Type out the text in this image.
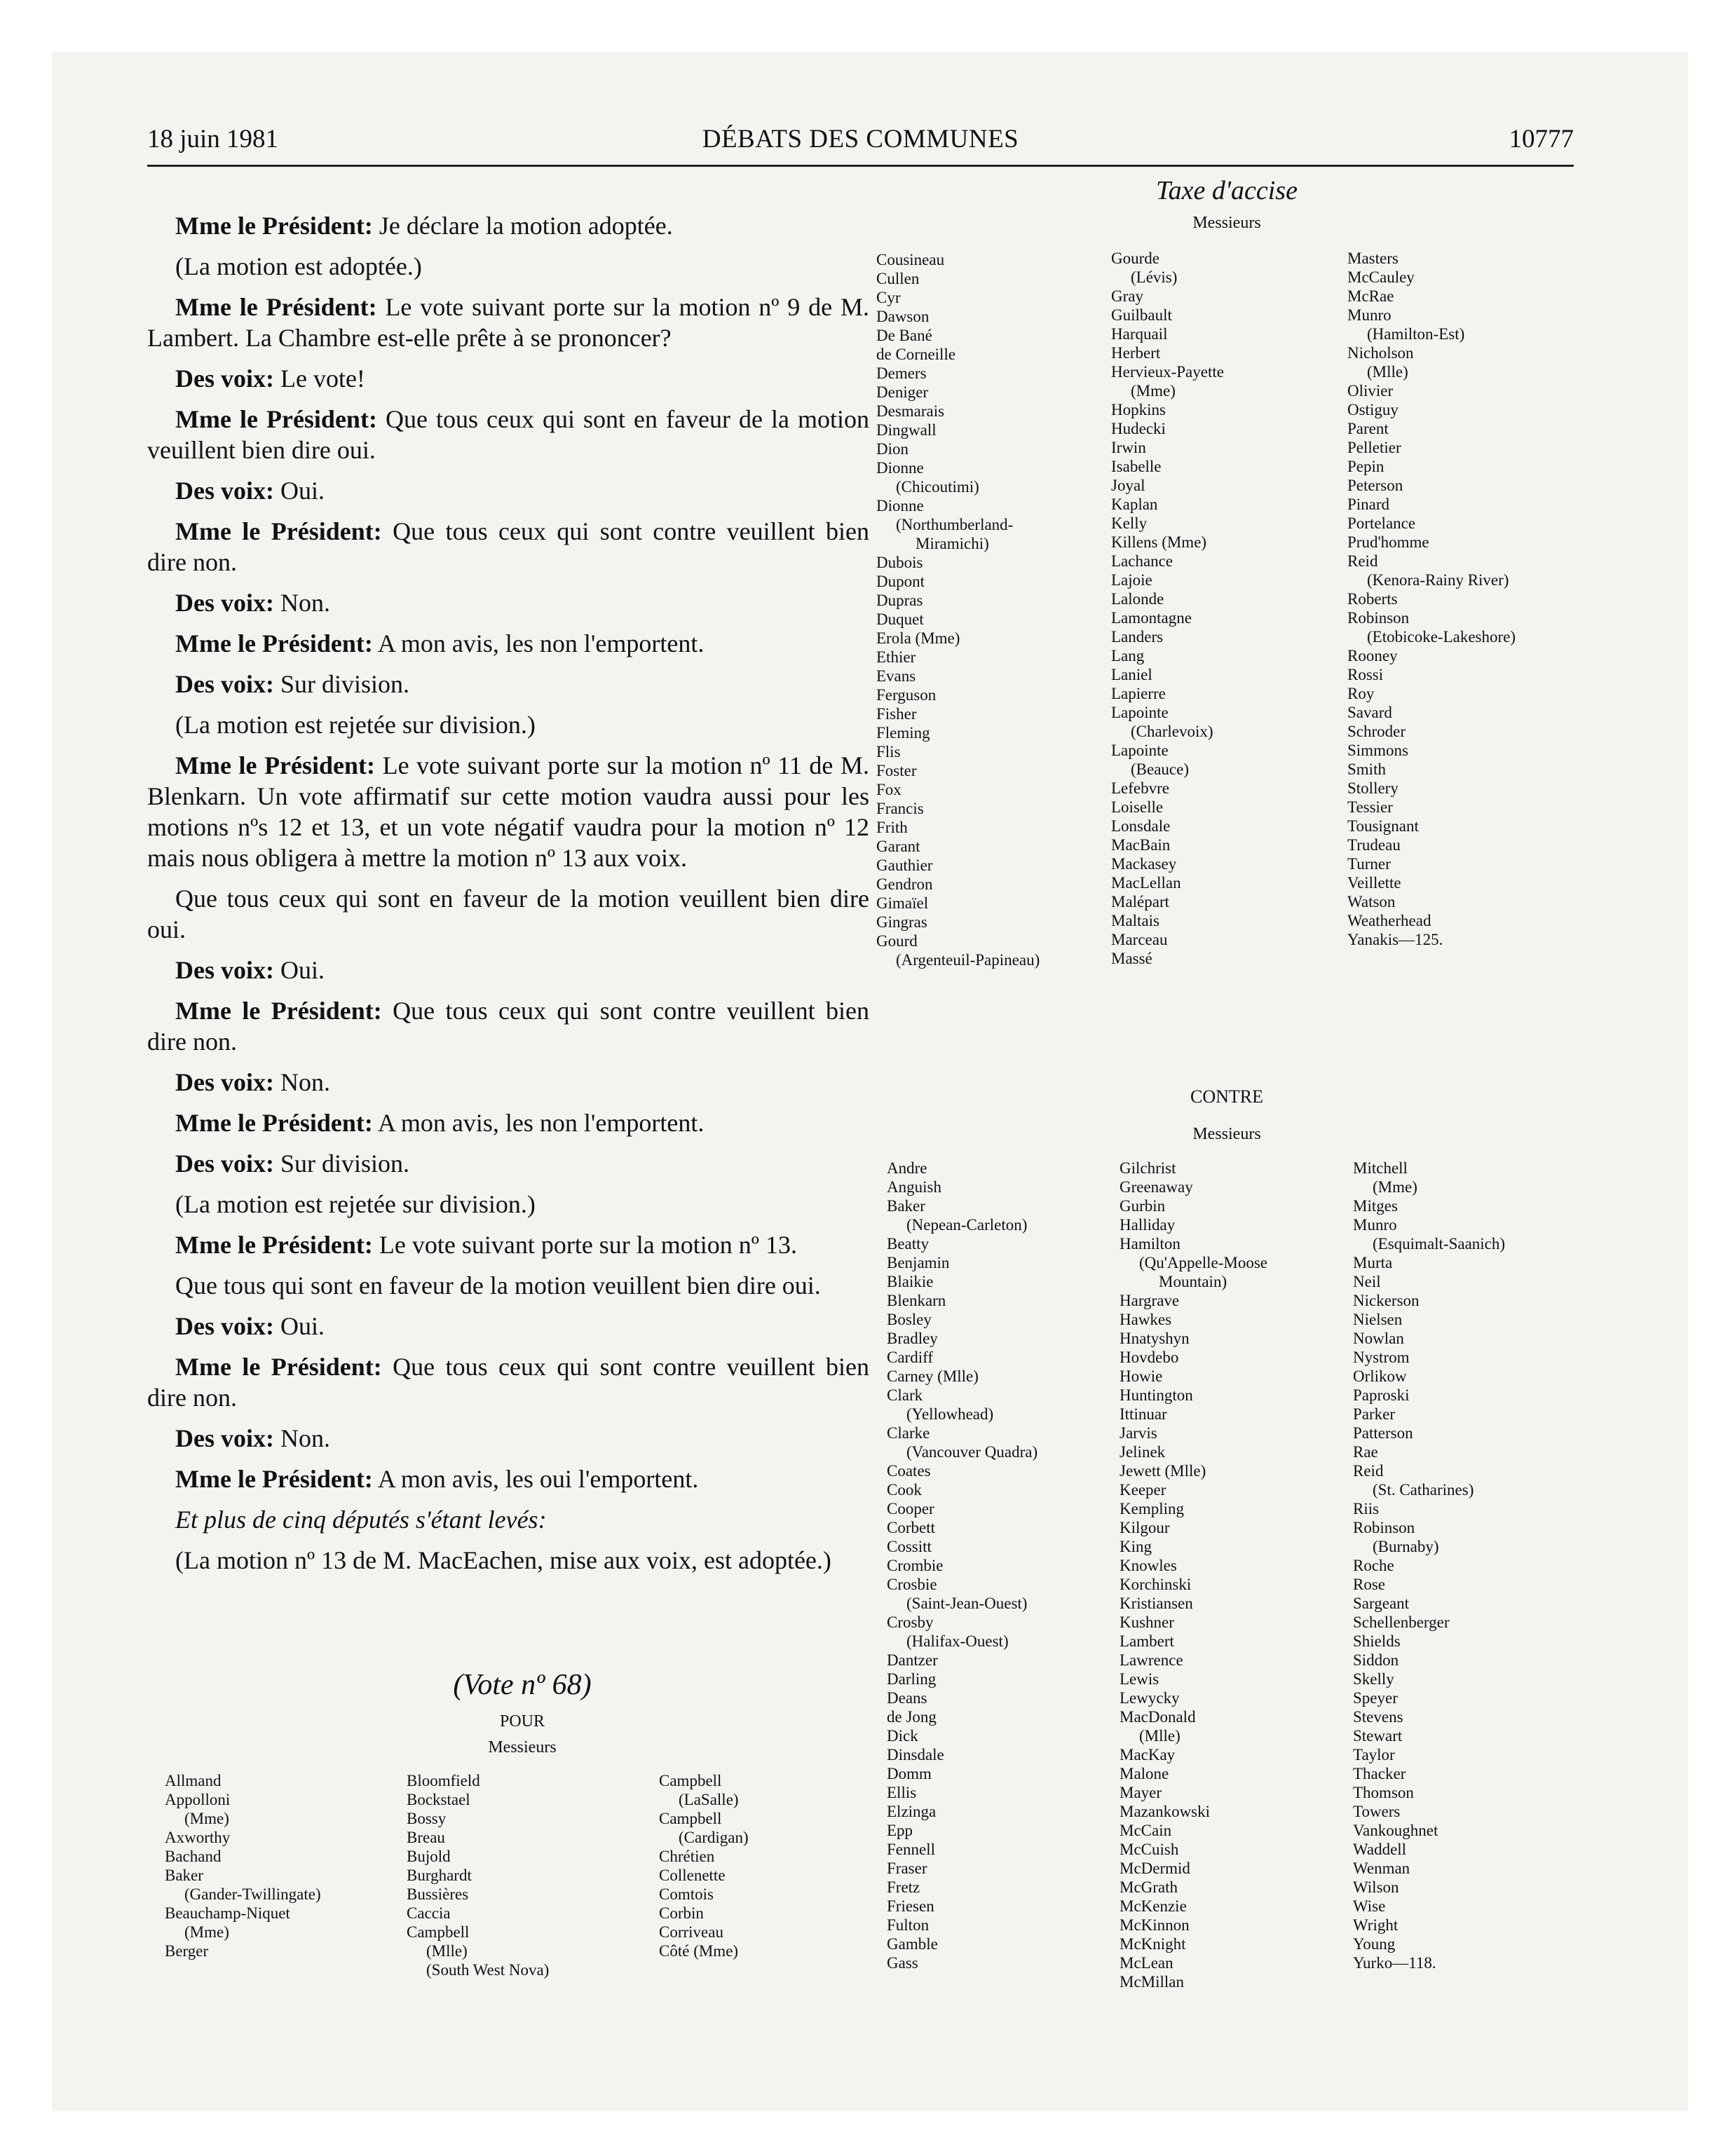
18 juin 1981	DÉBATS DES COMMUNES	10777

Mme le Président: Je déclare la motion adoptée.

(La motion est adoptée.)

Mme le Président: Le vote suivant porte sur la motion nº 9 de M. Lambert. La Chambre est-elle prête à se prononcer?

Des voix: Le vote!

Mme le Président: Que tous ceux qui sont en faveur de la motion veuillent bien dire oui.

Des voix: Oui.

Mme le Président: Que tous ceux qui sont contre veuillent bien dire non.

Des voix: Non.

Mme le Président: A mon avis, les non l'emportent.

Des voix: Sur division.

(La motion est rejetée sur division.)

Mme le Président: Le vote suivant porte sur la motion nº 11 de M. Blenkarn. Un vote affirmatif sur cette motion vaudra aussi pour les motions nºs 12 et 13, et un vote négatif vaudra pour la motion nº 12 mais nous obligera à mettre la motion nº 13 aux voix.

Que tous ceux qui sont en faveur de la motion veuillent bien dire oui.

Des voix: Oui.

Mme le Président: Que tous ceux qui sont contre veuillent bien dire non.

Des voix: Non.

Mme le Président: A mon avis, les non l'emportent.

Des voix: Sur division.

(La motion est rejetée sur division.)

Mme le Président: Le vote suivant porte sur la motion nº 13.

Que tous qui sont en faveur de la motion veuillent bien dire oui.

Des voix: Oui.

Mme le Président: Que tous ceux qui sont contre veuillent bien dire non.

Des voix: Non.

Mme le Président: A mon avis, les oui l'emportent.

Et plus de cinq députés s'étant levés:

(La motion nº 13 de M. MacEachen, mise aux voix, est adoptée.)

(Vote nº 68)
POUR
Messieurs
Allmand
Appolloni
(Mme)
Axworthy
Bachand
Baker
(Gander-Twillingate)
Beauchamp-Niquet
(Mme)
Berger
Bloomfield
Bockstael
Bossy
Breau
Bujold
Burghardt
Bussières
Caccia
Campbell
(Mlle)
(South West Nova)
Campbell
(LaSalle)
Campbell
(Cardigan)
Chrétien
Collenette
Comtois
Corbin
Corriveau
Côté (Mme)
Taxe d'accise
Messieurs
Cousineau
Cullen
Cyr
Dawson
De Bané
de Corneille
Demers
Deniger
Desmarais
Dingwall
Dion
Dionne
(Chicoutimi)
Dionne
(Northumberland-
Miramichi)
Dubois
Dupont
Dupras
Duquet
Erola (Mme)
Ethier
Evans
Ferguson
Fisher
Fleming
Flis
Foster
Fox
Francis
Frith
Garant
Gauthier
Gendron
Gimaïel
Gingras
Gourd
(Argenteuil-Papineau)
Gourde
(Lévis)
Gray
Guilbault
Harquail
Herbert
Hervieux-Payette
(Mme)
Hopkins
Hudecki
Irwin
Isabelle
Joyal
Kaplan
Kelly
Killens (Mme)
Lachance
Lajoie
Lalonde
Lamontagne
Landers
Lang
Laniel
Lapierre
Lapointe
(Charlevoix)
Lapointe
(Beauce)
Lefebvre
Loiselle
Lonsdale
MacBain
Mackasey
MacLellan
Malépart
Maltais
Marceau
Massé
Masters
McCauley
McRae
Munro
(Hamilton-Est)
Nicholson
(Mlle)
Olivier
Ostiguy
Parent
Pelletier
Pepin
Peterson
Pinard
Portelance
Prud'homme
Reid
(Kenora-Rainy River)
Roberts
Robinson
(Etobicoke-Lakeshore)
Rooney
Rossi
Roy
Savard
Schroder
Simmons
Smith
Stollery
Tessier
Tousignant
Trudeau
Turner
Veillette
Watson
Weatherhead
Yanakis—125.
CONTRE
Messieurs
Andre
Anguish
Baker
(Nepean-Carleton)
Beatty
Benjamin
Blaikie
Blenkarn
Bosley
Bradley
Cardiff
Carney (Mlle)
Clark
(Yellowhead)
Clarke
(Vancouver Quadra)
Coates
Cook
Cooper
Corbett
Cossitt
Crombie
Crosbie
(Saint-Jean-Ouest)
Crosby
(Halifax-Ouest)
Dantzer
Darling
Deans
de Jong
Dick
Dinsdale
Domm
Ellis
Elzinga
Epp
Fennell
Fraser
Fretz
Friesen
Fulton
Gamble
Gass
Gilchrist
Greenaway
Gurbin
Halliday
Hamilton
(Qu'Appelle-Moose
Mountain)
Hargrave
Hawkes
Hnatyshyn
Hovdebo
Howie
Huntington
Ittinuar
Jarvis
Jelinek
Jewett (Mlle)
Keeper
Kempling
Kilgour
King
Knowles
Korchinski
Kristiansen
Kushner
Lambert
Lawrence
Lewis
Lewycky
MacDonald
(Mlle)
MacKay
Malone
Mayer
Mazankowski
McCain
McCuish
McDermid
McGrath
McKenzie
McKinnon
McKnight
McLean
McMillan
Mitchell
(Mme)
Mitges
Munro
(Esquimalt-Saanich)
Murta
Neil
Nickerson
Nielsen
Nowlan
Nystrom
Orlikow
Paproski
Parker
Patterson
Rae
Reid
(St. Catharines)
Riis
Robinson
(Burnaby)
Roche
Rose
Sargeant
Schellenberger
Shields
Siddon
Skelly
Speyer
Stevens
Stewart
Taylor
Thacker
Thomson
Towers
Vankoughnet
Waddell
Wenman
Wilson
Wise
Wright
Young
Yurko—118.
